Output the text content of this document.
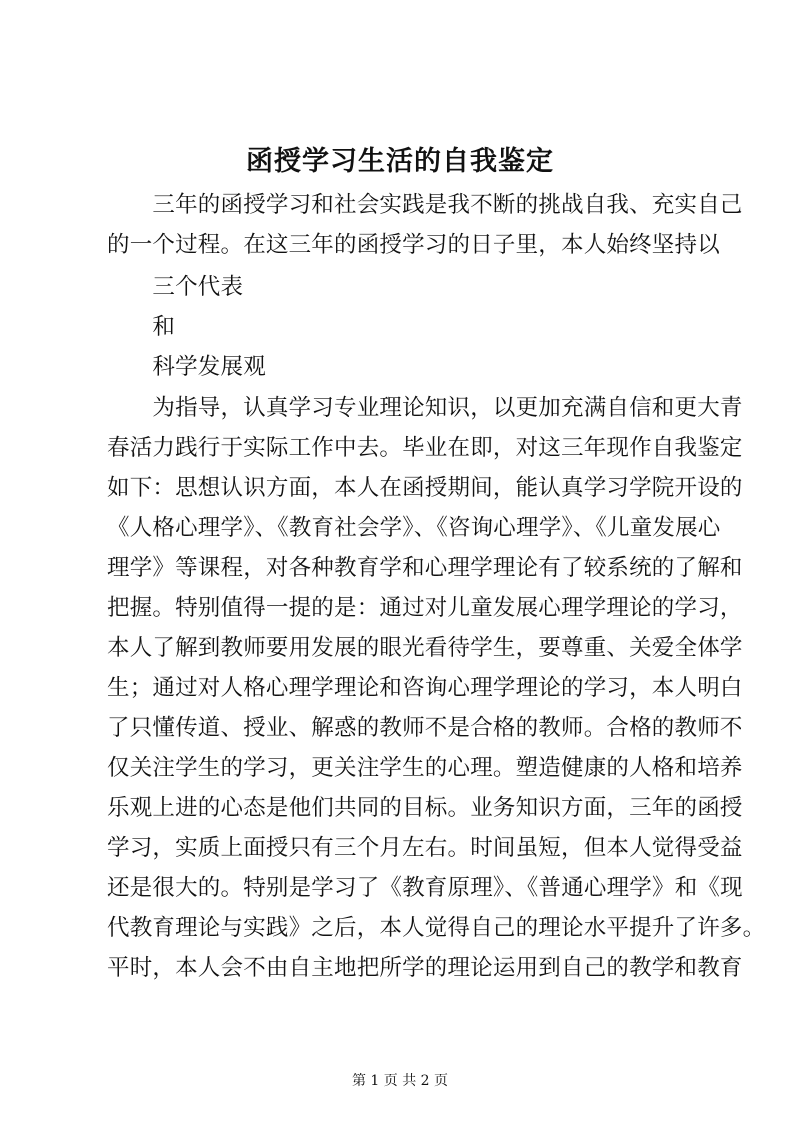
函授学习生活的自我鉴定
　　三年的函授学习和社会实践是我不断的挑战自我、充实自己
的一个过程。在这三年的函授学习的日子里，本人始终坚持以
　　三个代表
　　和
　　科学发展观
　　为指导，认真学习专业理论知识，以更加充满自信和更大青
春活力践行于实际工作中去。毕业在即，对这三年现作自我鉴定
如下：思想认识方面，本人在函授期间，能认真学习学院开设的
《人格心理学》、《教育社会学》、《咨询心理学》、《儿童发展心
理学》等课程，对各种教育学和心理学理论有了较系统的了解和
把握。特别值得一提的是：通过对儿童发展心理学理论的学习，
本人了解到教师要用发展的眼光看待学生，要尊重、关爱全体学
生；通过对人格心理学理论和咨询心理学理论的学习，本人明白
了只懂传道、授业、解惑的教师不是合格的教师。合格的教师不
仅关注学生的学习，更关注学生的心理。塑造健康的人格和培养
乐观上进的心态是他们共同的目标。业务知识方面，三年的函授
学习，实质上面授只有三个月左右。时间虽短，但本人觉得受益
还是很大的。特别是学习了《教育原理》、《普通心理学》和《现
代教育理论与实践》之后，本人觉得自己的理论水平提升了许多。
平时，本人会不由自主地把所学的理论运用到自己的教学和教育
第 1 页 共 2 页
